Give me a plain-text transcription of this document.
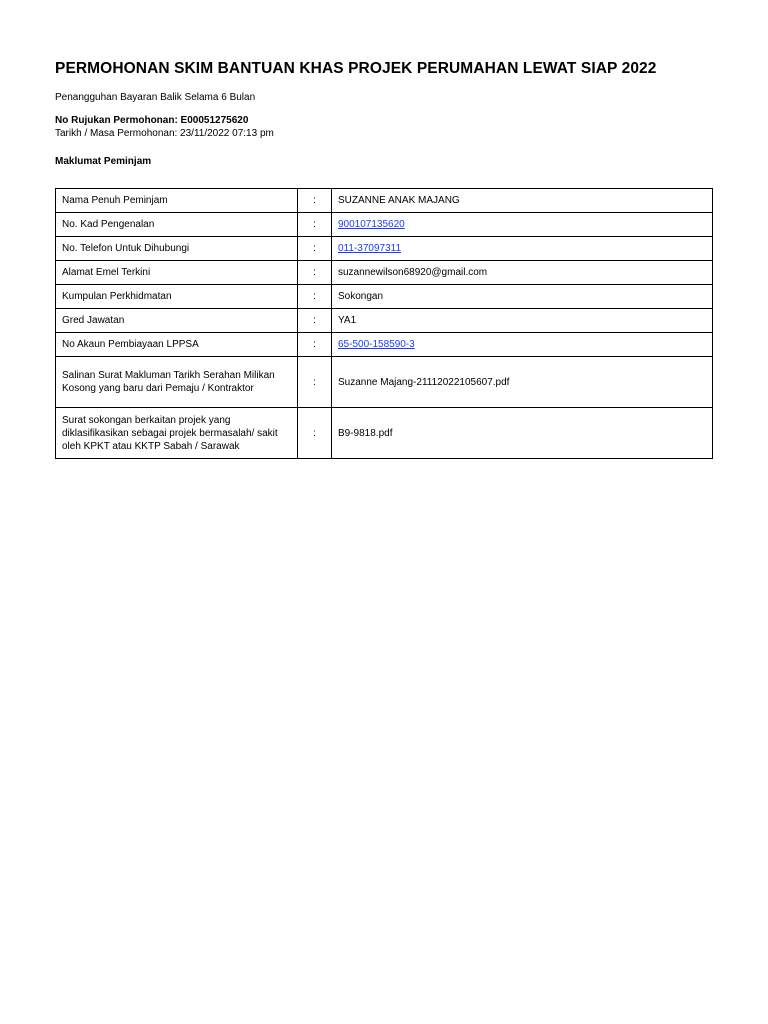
PERMOHONAN SKIM BANTUAN KHAS PROJEK PERUMAHAN LEWAT SIAP 2022
Penangguhan Bayaran Balik Selama 6 Bulan
No Rujukan Permohonan: E00051275620
Tarikh / Masa Permohonan: 23/11/2022 07:13 pm
Maklumat Peminjam
Nama Penuh Peminjam	:	SUZANNE ANAK MAJANG
No. Kad Pengenalan	:	900107135620
No. Telefon Untuk Dihubungi	:	011-37097311
Alamat Emel Terkini	:	suzannewilson68920@gmail.com
Kumpulan Perkhidmatan	:	Sokongan
Gred Jawatan	:	YA1
No Akaun Pembiayaan LPPSA	:	65-500-158590-3
Salinan Surat Makluman Tarikh Serahan Milikan Kosong yang baru dari Pemaju / Kontraktor	:	Suzanne Majang-21112022105607.pdf
Surat sokongan berkaitan projek yang diklasifikasikan sebagai projek bermasalah/ sakit oleh KPKT atau KKTP Sabah / Sarawak	:	B9-9818.pdf
